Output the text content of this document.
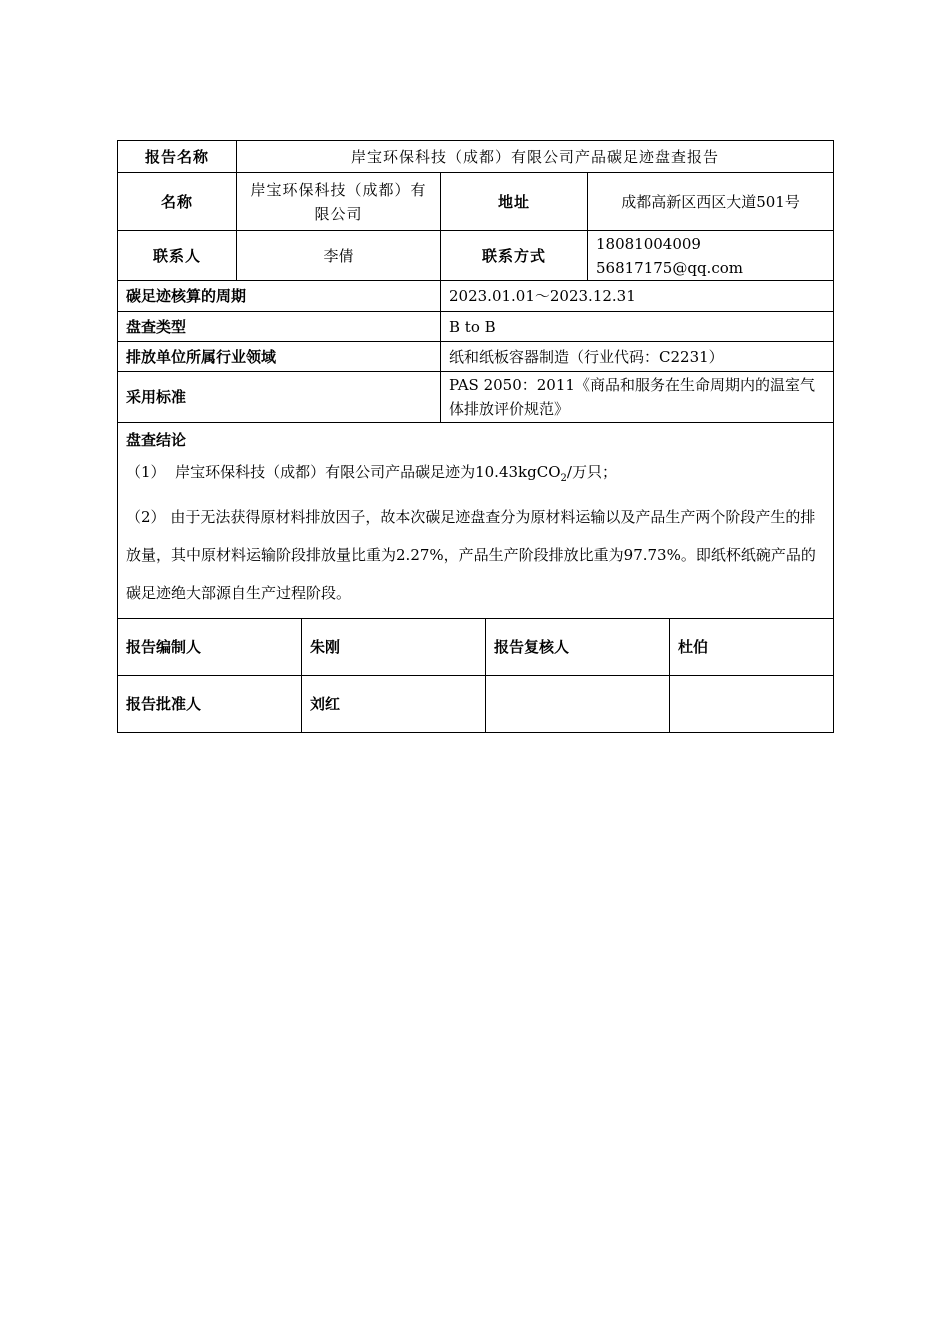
报告名称	岸宝环保科技（成都）有限公司产品碳足迹盘查报告		
名称	岸宝环保科技（成都）有限公司	地址	成都高新区西区大道501号
联系人	李倩	联系方式	18081004009
56817175@qq.com

碳足迹核算的周期		2023.01.01～2023.12.31	
盘查类型		B to B	
排放单位所属行业领域		纸和纸板容器制造（行业代码：C2231）	
采用标准		PAS 2050：2011《商品和服务在生命周期内的温室气体排放评价规范》	

盘查结论
（1） 岸宝环保科技（成都）有限公司产品碳足迹为10.43kgCO$_2$/万只；
（2） 由于无法获得原材料排放因子，故本次碳足迹盘查分为原材料运输以及产品生产两个阶段产生的排放量，其中原材料运输阶段排放量比重为2.27%，产品生产阶段排放比重为97.73%。即纸杯纸碗产品的碳足迹绝大部源自生产过程阶段。			
报告编制人	朱刚	报告复核人	杜伯
报告批准人	刘红		
